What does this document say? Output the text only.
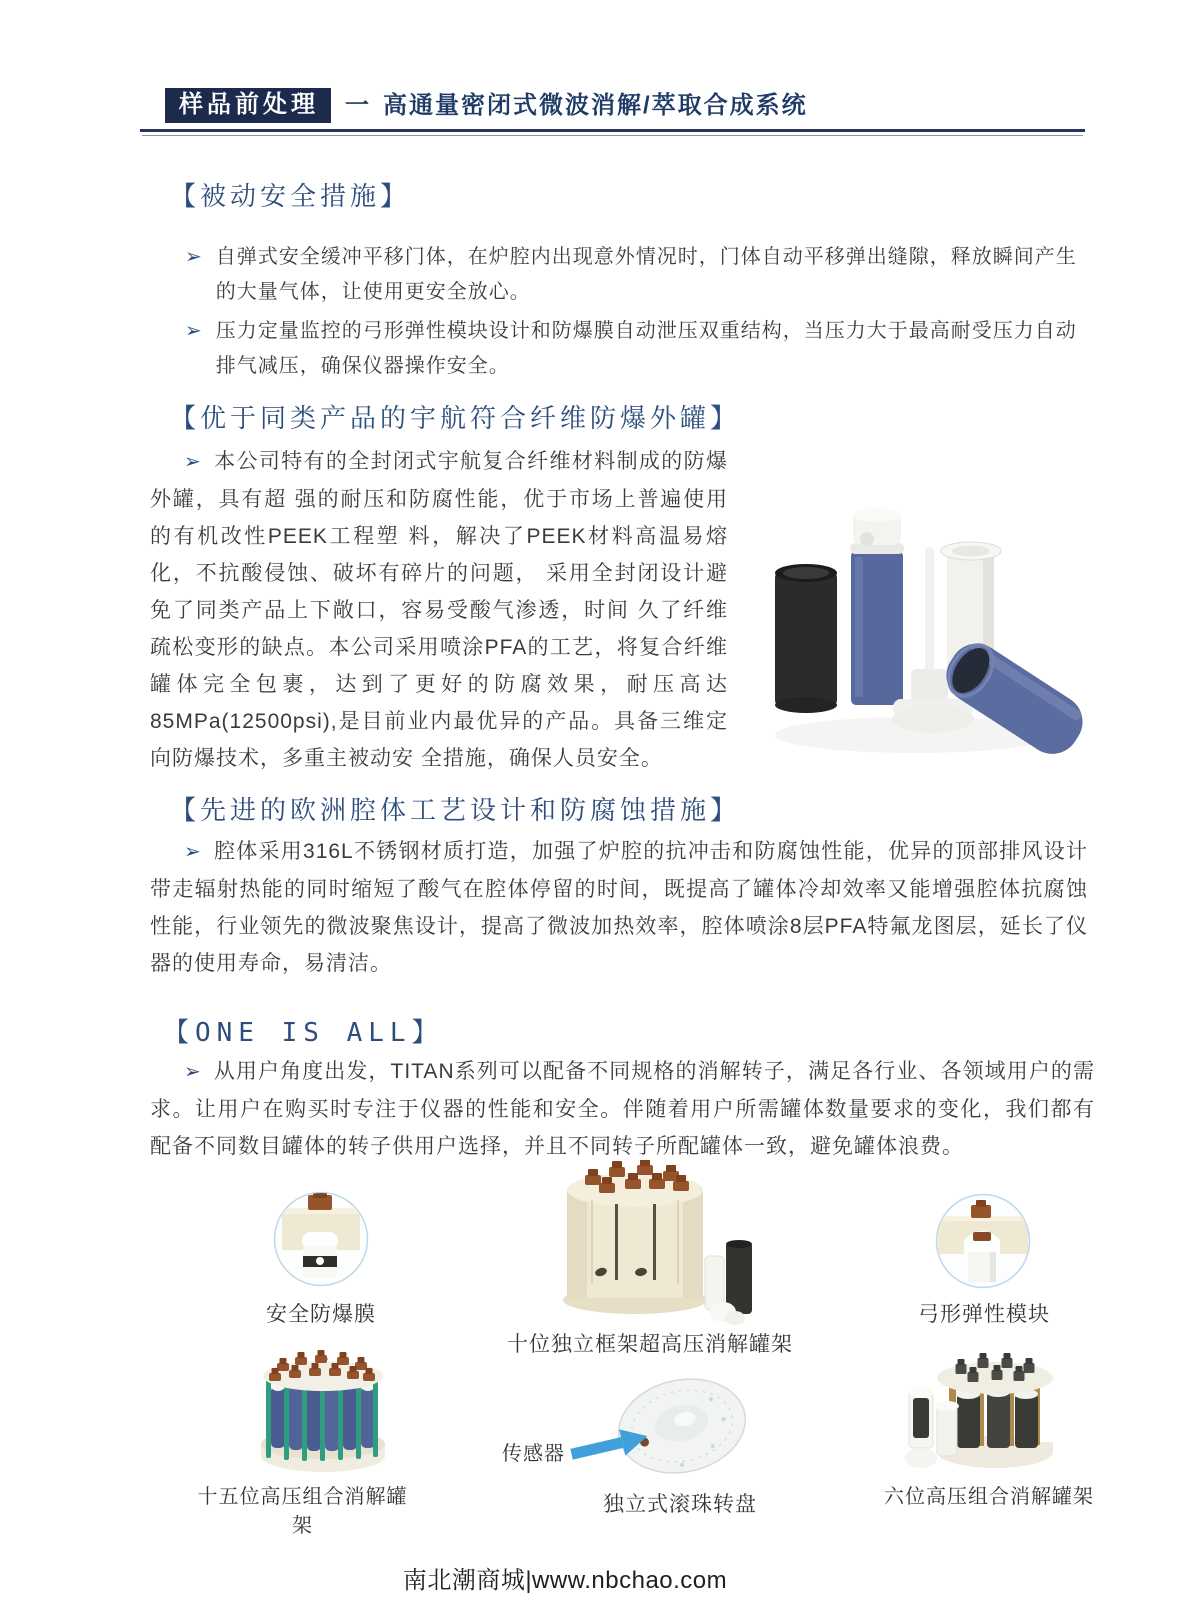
样品前处理	一 高通量密闭式微波消解/萃取合成系统
【被动安全措施】
➢ 自弹式安全缓冲平移门体，在炉腔内出现意外情况时，门体自动平移弹出缝隙，释放瞬间产生的大量气体，让使用更安全放心。
➢ 压力定量监控的弓形弹性模块设计和防爆膜自动泄压双重结构，当压力大于最高耐受压力自动排气减压，确保仪器操作安全。
【优于同类产品的宇航符合纤维防爆外罐】

➢ 本公司特有的全封闭式宇航复合纤维材料制成的防爆外罐，具有超 强的耐压和防腐性能，优于市场上普遍使用的有机改性PEEK工程塑 料，解决了PEEK材料高温易熔化，不抗酸侵蚀、破坏有碎片的问题， 采用全封闭设计避免了同类产品上下敞口，容易受酸气渗透，时间 久了纤维疏松变形的缺点。本公司采用喷涂PFA的工艺，将复合纤维 罐体完全包裹，达到了更好的防腐效果，耐压高达85MPa(12500psi),是目前业内最优异的产品。具备三维定向防爆技术，多重主被动安 全措施，确保人员安全。

【先进的欧洲腔体工艺设计和防腐蚀措施】

➢ 腔体采用316L不锈钢材质打造，加强了炉腔的抗冲击和防腐蚀性能，优异的顶部排风设计带走辐射热能的同时缩短了酸气在腔体停留的时间，既提高了罐体冷却效率又能增强腔体抗腐蚀性能，行业领先的微波聚焦设计，提高了微波加热效率，腔体喷涂8层PFA特氟龙图层，延长了仪器的使用寿命，易清洁。

【ONE IS ALL】

➢ 从用户角度出发，TITAN系列可以配备不同规格的消解转子，满足各行业、各领域用户的需求。让用户在购买时专注于仪器的性能和安全。伴随着用户所需罐体数量要求的变化，我们都有配备不同数目罐体的转子供用户选择，并且不同转子所配罐体一致，避免罐体浪费。

安全防爆膜
十位独立框架超高压消解罐架
弓形弹性模块
十五位高压组合消解罐架
传感器
独立式滚珠转盘	六位高压组合消解罐架
南北潮商城|www.nbchao.com
